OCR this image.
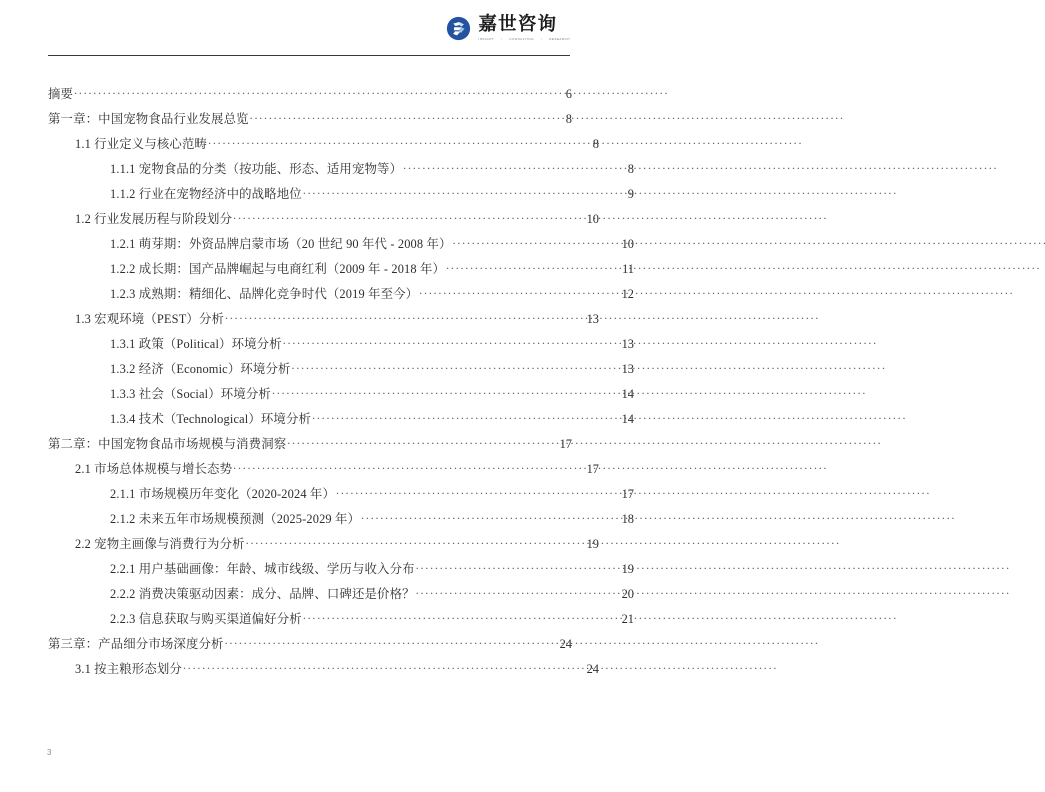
嘉世咨询
INSIGHT | CONSULTING | RESEARCH
摘要 . . .	6
第一章：中国宠物食品行业发展总览 . . .	8
1.1 行业定义与核心范畴 . . .	8
1.1.1 宠物食品的分类（按功能、形态、适用宠物等） . . .	8
1.1.2 行业在宠物经济中的战略地位 . . .	9
1.2 行业发展历程与阶段划分 . . .	10
1.2.1 萌芽期：外资品牌启蒙市场（20 世纪 90 年代 - 2008 年） . . .	10
1.2.2 成长期：国产品牌崛起与电商红利（2009 年 - 2018 年） . . .	11
1.2.3 成熟期：精细化、品牌化竞争时代（2019 年至今） . . .	12
1.3 宏观环境（PEST）分析 . . .	13
1.3.1 政策（Political）环境分析 . . .	13
1.3.2 经济（Economic）环境分析 . . .	13
1.3.3 社会（Social）环境分析 . . .	14
1.3.4 技术（Technological）环境分析 . . .	14
第二章：中国宠物食品市场规模与消费洞察 . . .	17
2.1 市场总体规模与增长态势 . . .	17
2.1.1 市场规模历年变化（2020-2024 年） . . .	17
2.1.2 未来五年市场规模预测（2025-2029 年） . . .	18
2.2 宠物主画像与消费行为分析 . . .	19
2.2.1 用户基础画像：年龄、城市线级、学历与收入分布 . . .	19
2.2.2 消费决策驱动因素：成分、品牌、口碑还是价格？ . . .	20
2.2.3 信息获取与购买渠道偏好分析 . . .	21
第三章：产品细分市场深度分析 . . .	24
3.1 按主粮形态划分 . . .	24
3
